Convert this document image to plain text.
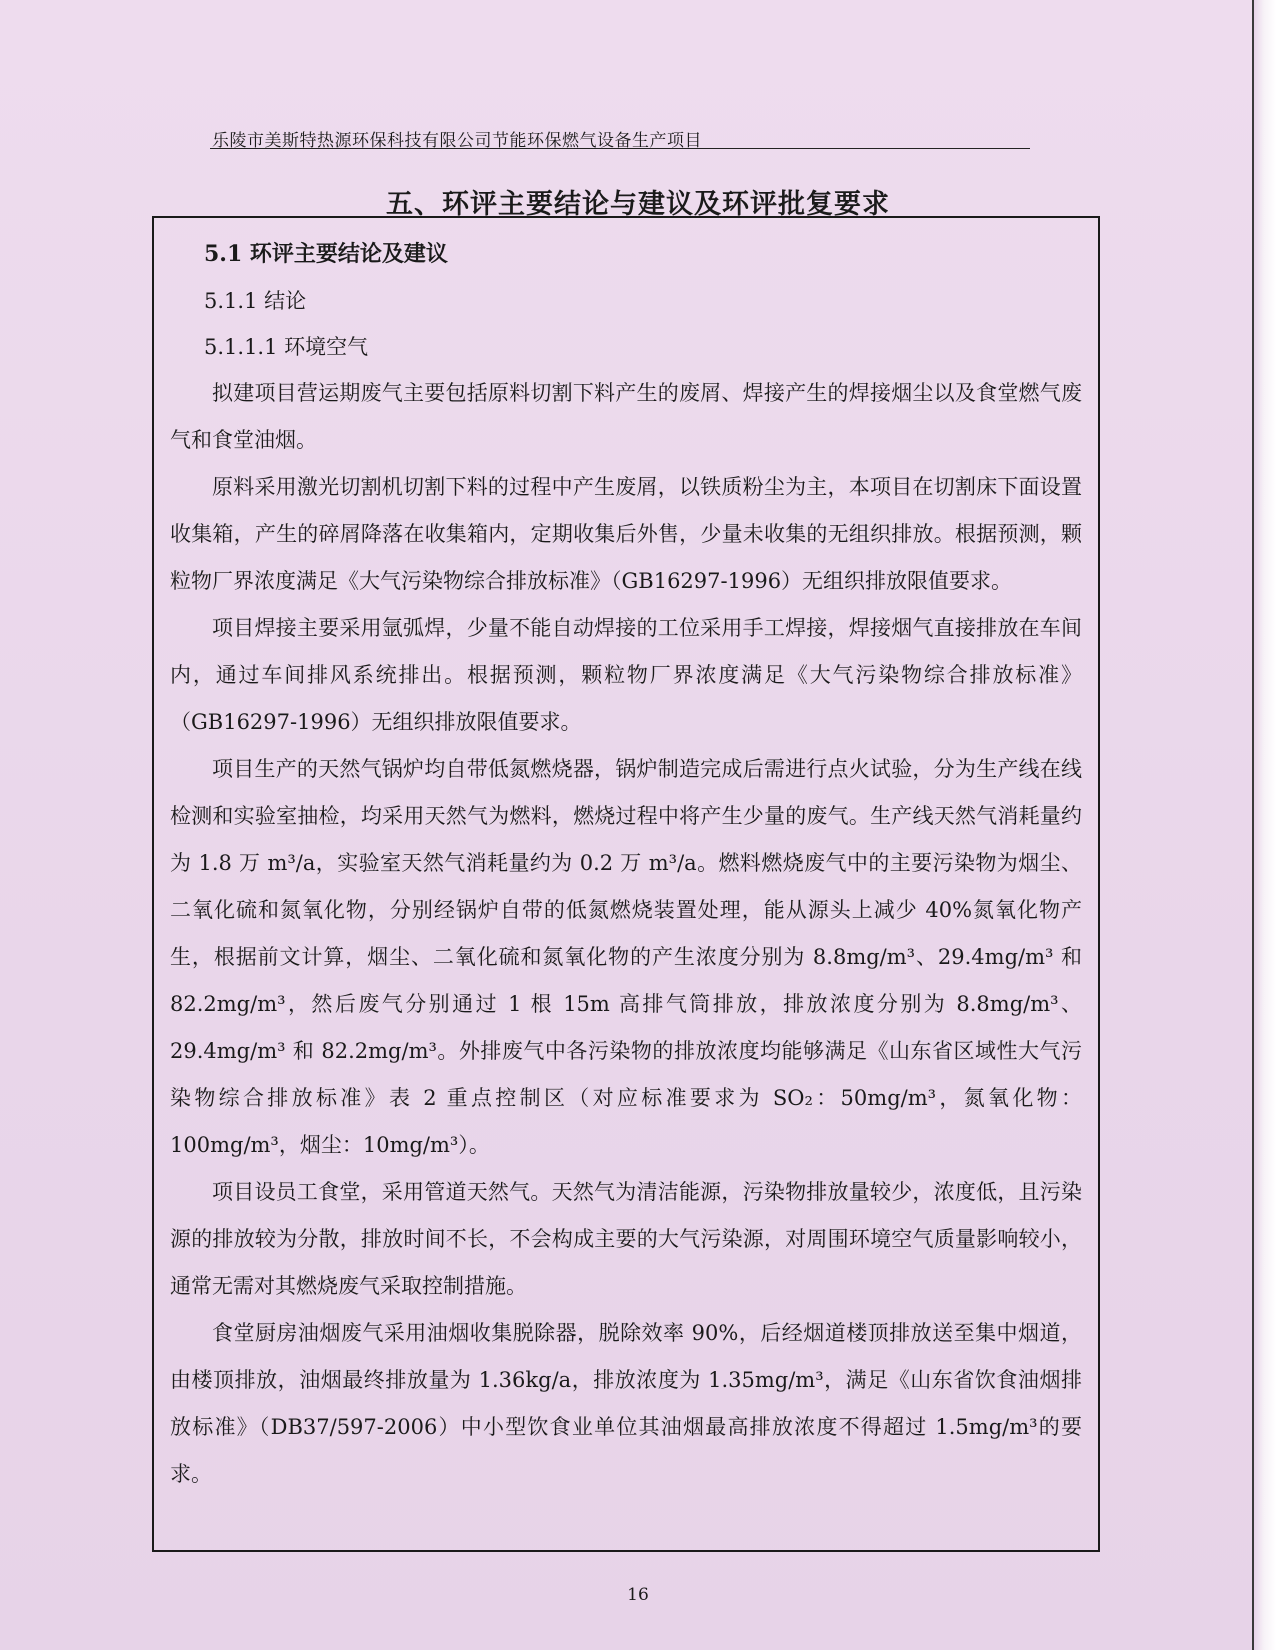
乐陵市美斯特热源环保科技有限公司节能环保燃气设备生产项目
五、环评主要结论与建议及环评批复要求
5.1 环评主要结论及建议
5.1.1 结论
5.1.1.1 环境空气

拟建项目营运期废气主要包括原料切割下料产生的废屑、焊接产生的焊接烟尘以及食堂燃气废气和食堂油烟。

原料采用激光切割机切割下料的过程中产生废屑，以铁质粉尘为主，本项目在切割床下面设置收集箱，产生的碎屑降落在收集箱内，定期收集后外售，少量未收集的无组织排放。根据预测，颗粒物厂界浓度满足《大气污染物综合排放标准》（GB16297-1996）无组织排放限值要求。

项目焊接主要采用氩弧焊，少量不能自动焊接的工位采用手工焊接，焊接烟气直接排放在车间内，通过车间排风系统排出。根据预测，颗粒物厂界浓度满足《大气污染物综合排放标准》（GB16297-1996）无组织排放限值要求。

项目生产的天然气锅炉均自带低氮燃烧器，锅炉制造完成后需进行点火试验，分为生产线在线检测和实验室抽检，均采用天然气为燃料，燃烧过程中将产生少量的废气。生产线天然气消耗量约为 1.8 万 m³/a，实验室天然气消耗量约为 0.2 万 m³/a。燃料燃烧废气中的主要污染物为烟尘、二氧化硫和氮氧化物，分别经锅炉自带的低氮燃烧装置处理，能从源头上减少 40%氮氧化物产生，根据前文计算，烟尘、二氧化硫和氮氧化物的产生浓度分别为 8.8mg/m³、29.4mg/m³ 和 82.2mg/m³，然后废气分别通过 1 根 15m 高排气筒排放，排放浓度分别为 8.8mg/m³、29.4mg/m³ 和 82.2mg/m³。外排废气中各污染物的排放浓度均能够满足《山东省区域性大气污染物综合排放标准》表 2 重点控制区（对应标准要求为 SO₂：50mg/m³，氮氧化物：100mg/m³，烟尘：10mg/m³）。

项目设员工食堂，采用管道天然气。天然气为清洁能源，污染物排放量较少，浓度低，且污染源的排放较为分散，排放时间不长，不会构成主要的大气污染源，对周围环境空气质量影响较小，通常无需对其燃烧废气采取控制措施。

食堂厨房油烟废气采用油烟收集脱除器，脱除效率 90%，后经烟道楼顶排放送至集中烟道，由楼顶排放，油烟最终排放量为 1.36kg/a，排放浓度为 1.35mg/m³，满足《山东省饮食油烟排放标准》（DB37/597-2006）中小型饮食业单位其油烟最高排放浓度不得超过 1.5mg/m³的要求。

16
